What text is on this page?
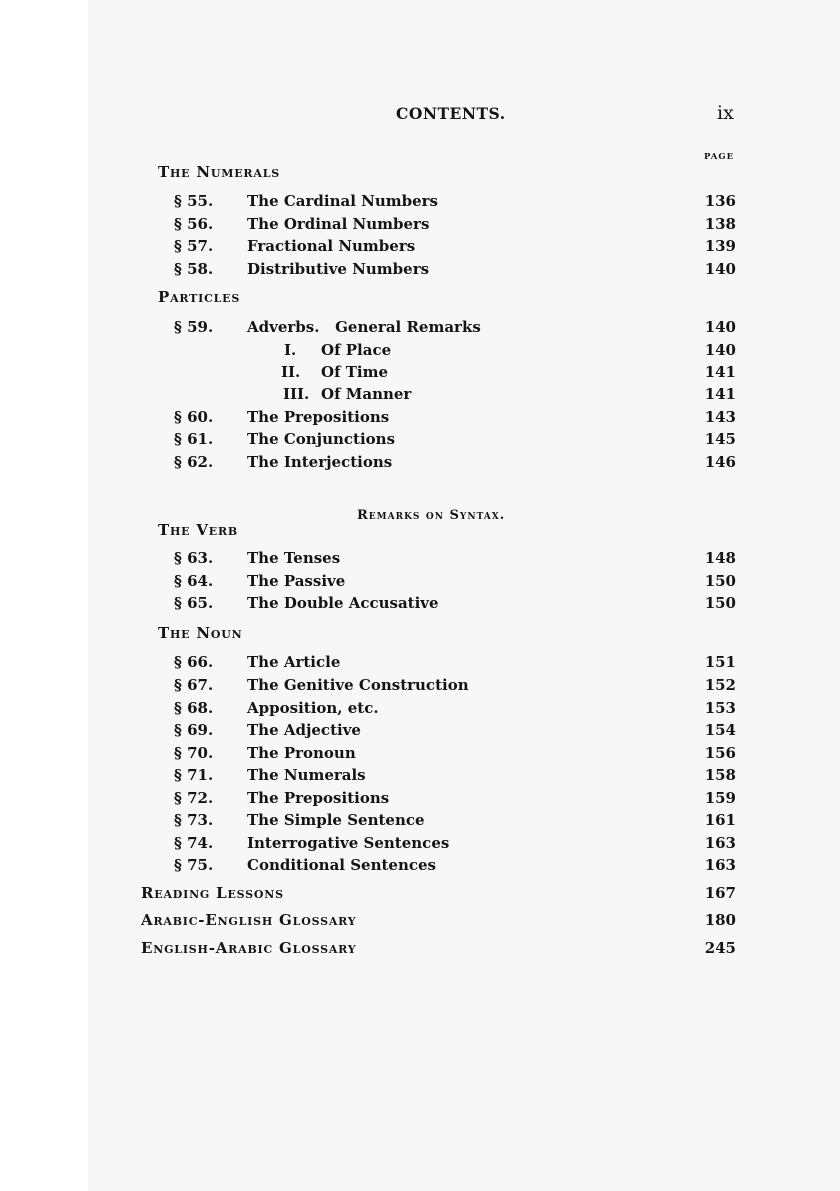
CONTENTS.	ix
PAGE
The Numerals
§ 55. The Cardinal Numbers	136
§ 56. The Ordinal Numbers	138
§ 57. Fractional Numbers	139
§ 58. Distributive Numbers	140
Particles
§ 59. Adverbs.   General Remarks	140
I. Of Place	140
II. Of Time	141
III. Of Manner	141
§ 60. The Prepositions	143
§ 61. The Conjunctions	145
§ 62. The Interjections	146
Remarks on Syntax.
The Verb
§ 63. The Tenses	148
§ 64. The Passive	150
§ 65. The Double Accusative	150
The Noun
§ 66. The Article	151
§ 67. The Genitive Construction	152
§ 68. Apposition, etc.	153
§ 69. The Adjective	154
§ 70. The Pronoun	156
§ 71. The Numerals	158
§ 72. The Prepositions	159
§ 73. The Simple Sentence	161
§ 74. Interrogative Sentences	163
§ 75. Conditional Sentences	163
Reading Lessons	167
Arabic-English Glossary	180
English-Arabic Glossary	245
